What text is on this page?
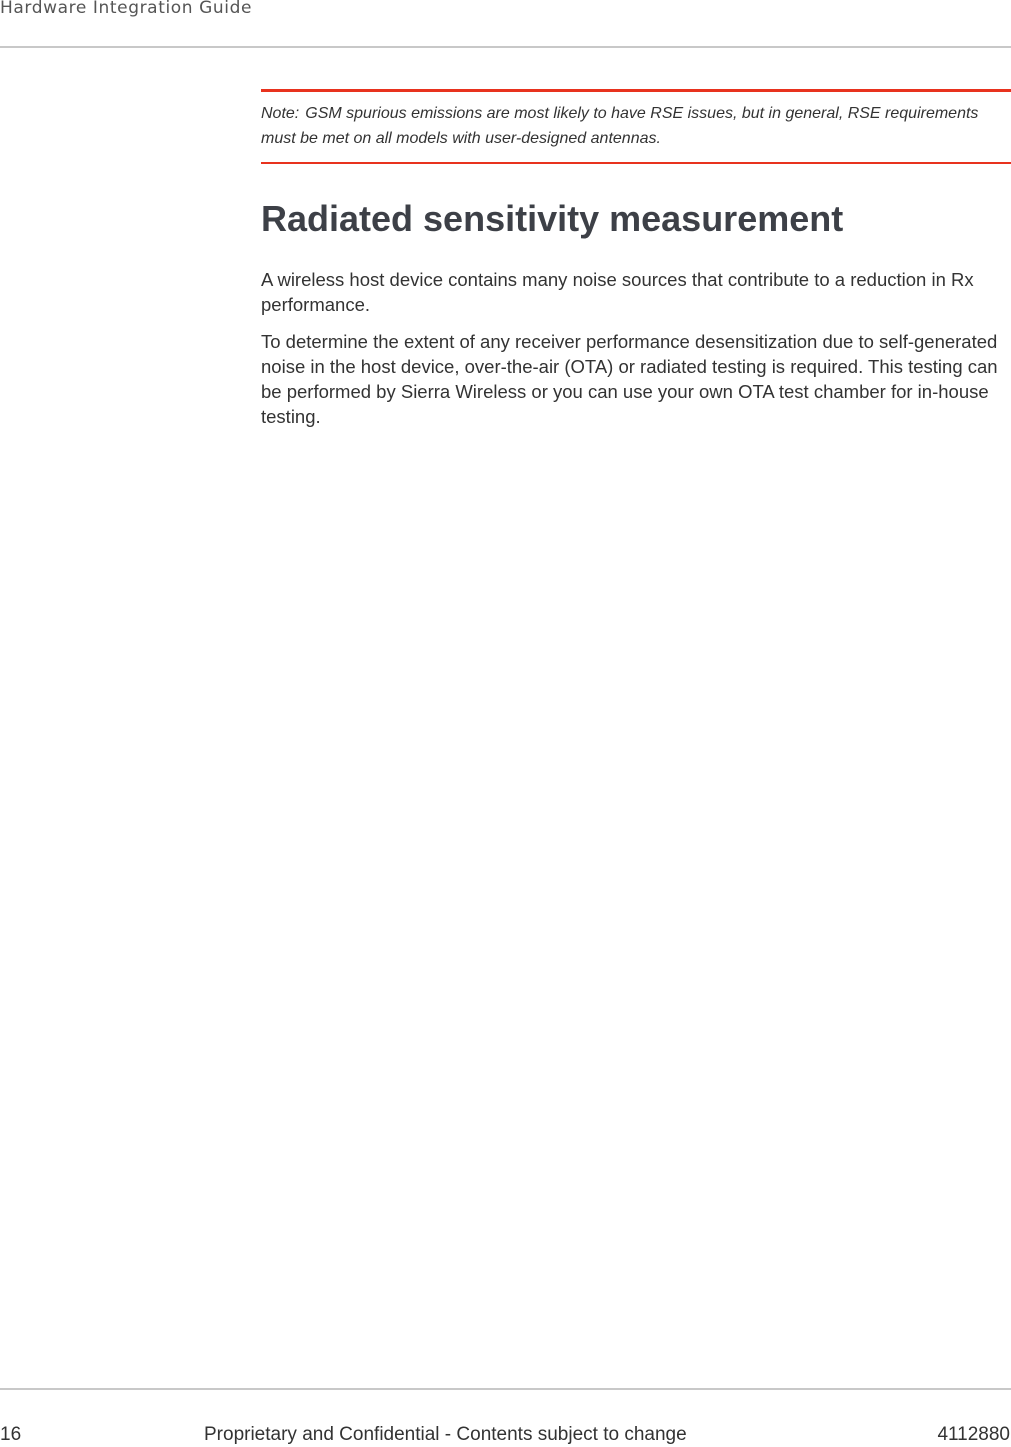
Hardware Integration Guide

Note: GSM spurious emissions are most likely to have RSE issues, but in general, RSE requirements must be met on all models with user-designed antennas.

Radiated sensitivity measurement

A wireless host device contains many noise sources that contribute to a reduction in Rx performance.

To determine the extent of any receiver performance desensitization due to self-generated noise in the host device, over-the-air (OTA) or radiated testing is required. This testing can be performed by Sierra Wireless or you can use your own OTA test chamber for in-house testing.

16	Proprietary and Confidential - Contents subject to change	4112880
